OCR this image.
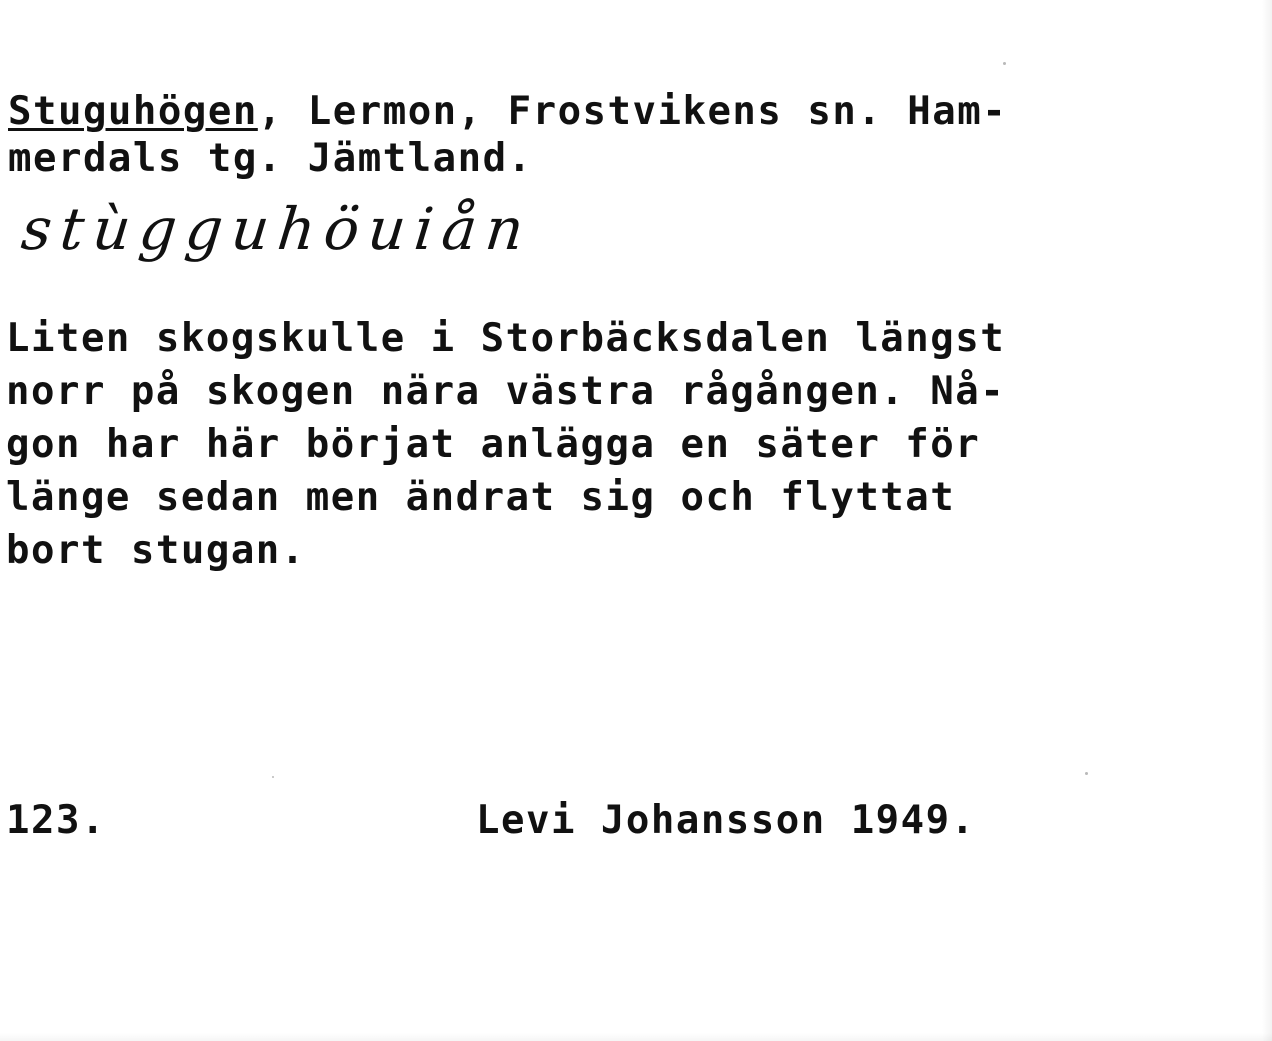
Stuguhögen, Lermon, Frostvikens sn. Ham-
merdals tg. Jämtland.
stùgguhöuiån
Liten skogskulle i Storbäcksdalen längst
norr på skogen nära västra rågången. Nå-
gon har här börjat anlägga en säter för
länge sedan men ändrat sig och flyttat
bort stugan.
123.	Levi Johansson 1949.
